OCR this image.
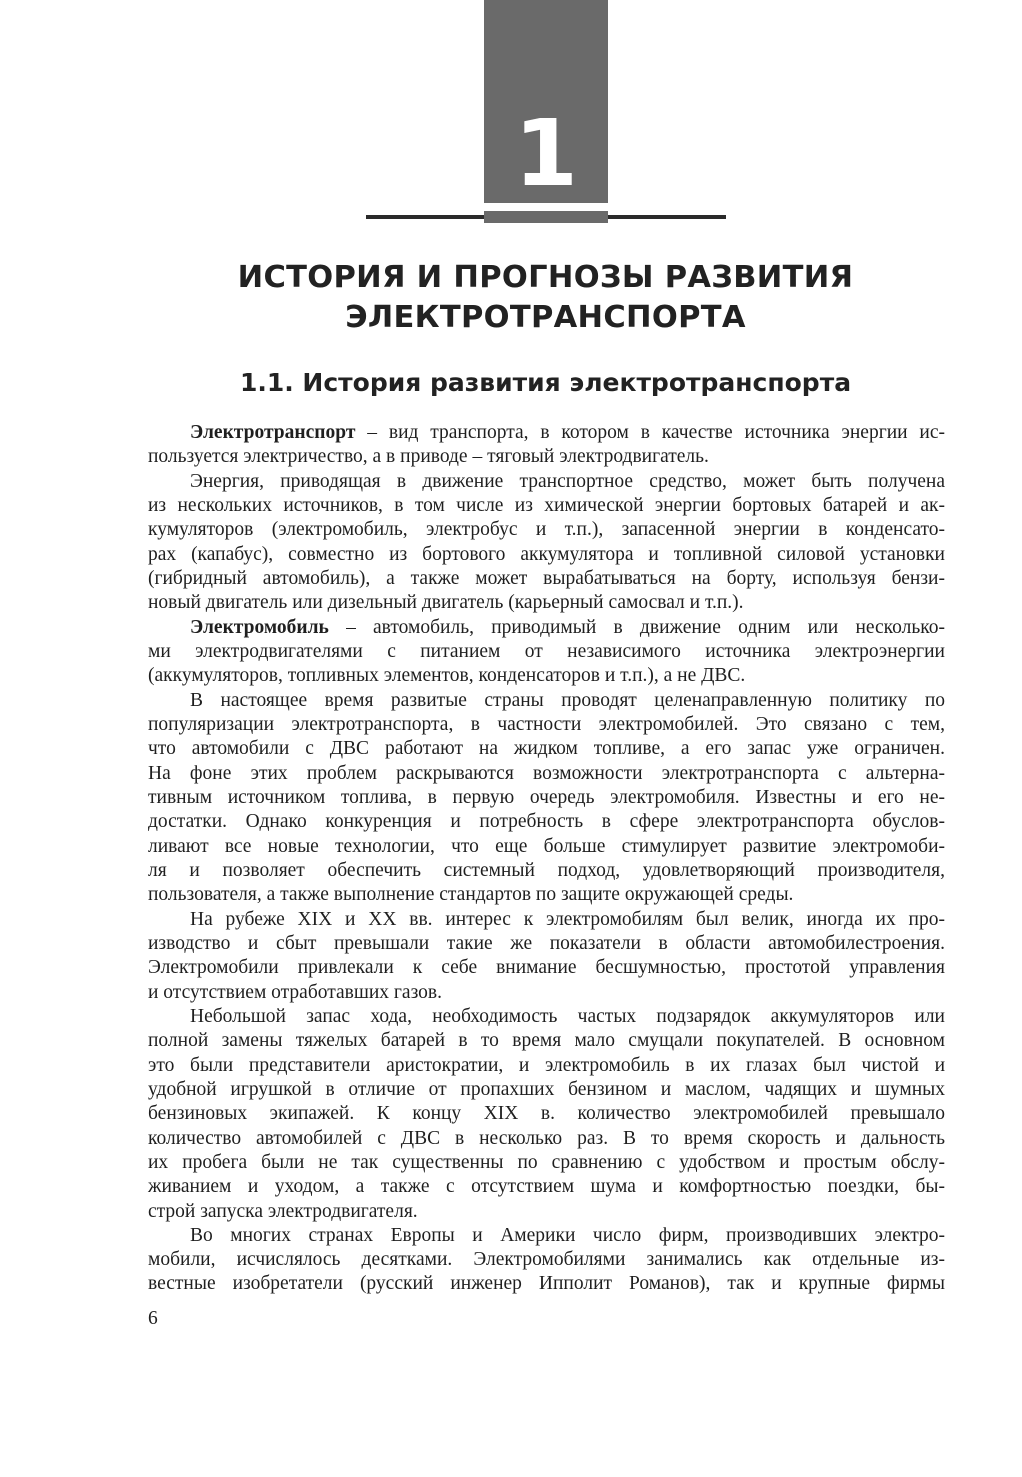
1
ИСТОРИЯ И ПРОГНОЗЫ РАЗВИТИЯ
ЭЛЕКТРОТРАНСПОРТА
1.1. История развития электротранспорта
Электротранспорт – вид транспорта, в котором в качестве источника энергии ис-
пользуется электричество, а в приводе – тяговый электродвигатель.
Энергия, приводящая в движение транспортное средство, может быть получена
из нескольких источников, в том числе из химической энергии бортовых батарей и ак-
кумуляторов (электромобиль, электробус и т.п.), запасенной энергии в конденсато-
рах (капабус), совместно из бортового аккумулятора и топливной силовой установки
(гибридный автомобиль), а также может вырабатываться на борту, используя бензи-
новый двигатель или дизельный двигатель (карьерный самосвал и т.п.).
Электромобиль – автомобиль, приводимый в движение одним или несколько-
ми электродвигателями с питанием от независимого источника электроэнергии
(аккумуляторов, топливных элементов, конденсаторов и т.п.), а не ДВС.
В настоящее время развитые страны проводят целенаправленную политику по
популяризации электротранспорта, в частности электромобилей. Это связано с тем,
что автомобили с ДВС работают на жидком топливе, а его запас уже ограничен.
На фоне этих проблем раскрываются возможности электротранспорта с альтерна-
тивным источником топлива, в первую очередь электромобиля. Известны и его не-
достатки. Однако конкуренция и потребность в сфере электротранспорта обуслов-
ливают все новые технологии, что еще больше стимулирует развитие электромоби-
ля и позволяет обеспечить системный подход, удовлетворяющий производителя,
пользователя, а также выполнение стандартов по защите окружающей среды.
На рубеже XIX и XX вв. интерес к электромобилям был велик, иногда их про-
изводство и сбыт превышали такие же показатели в области автомобилестроения.
Электромобили привлекали к себе внимание бесшумностью, простотой управления
и отсутствием отработавших газов.
Небольшой запас хода, необходимость частых подзарядок аккумуляторов или
полной замены тяжелых батарей в то время мало смущали покупателей. В основном
это были представители аристократии, и электромобиль в их глазах был чистой и
удобной игрушкой в отличие от пропахших бензином и маслом, чадящих и шумных
бензиновых экипажей. К концу XIX в. количество электромобилей превышало
количество автомобилей с ДВС в несколько раз. В то время скорость и дальность
их пробега были не так существенны по сравнению с удобством и простым обслу-
живанием и уходом, а также с отсутствием шума и комфортностью поездки, бы-
строй запуска электродвигателя.
Во многих странах Европы и Америки число фирм, производивших электро-
мобили, исчислялось десятками. Электромобилями занимались как отдельные из-
вестные изобретатели (русский инженер Ипполит Романов), так и крупные фирмы
6
